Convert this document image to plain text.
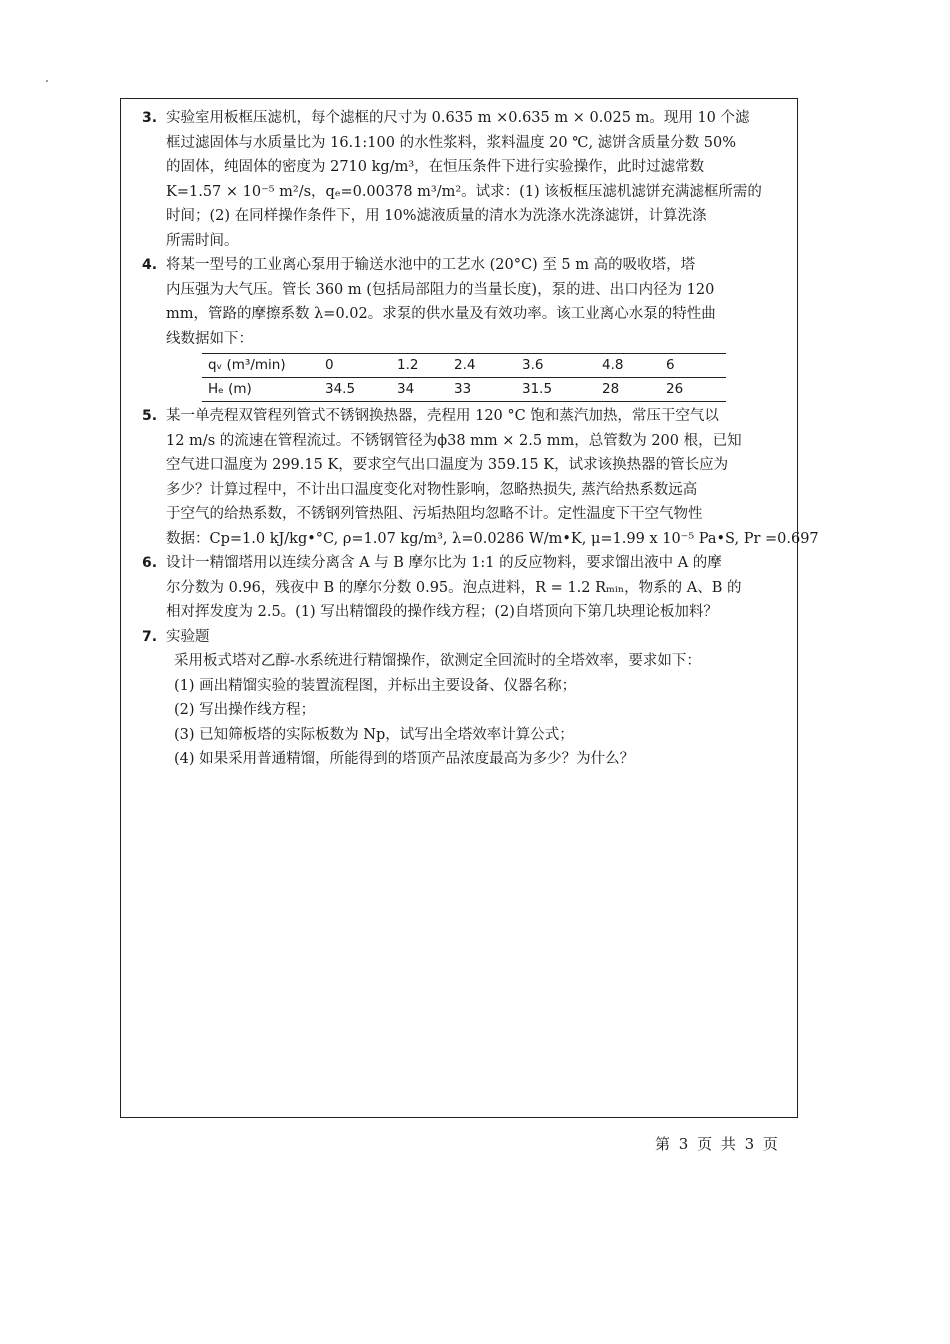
3. 实验室用板框压滤机，每个滤框的尺寸为 0.635 m ×0.635 m × 0.025 m。现用 10 个滤
框过滤固体与水质量比为 16.1:100 的水性浆料，浆料温度 20 ℃, 滤饼含质量分数 50%
的固体，纯固体的密度为 2710 kg/m³，在恒压条件下进行实验操作，此时过滤常数
K=1.57 × 10⁻⁵ m²/s，qₑ=0.00378 m³/m²。试求：(1) 该板框压滤机滤饼充满滤框所需的
时间；(2) 在同样操作条件下，用 10%滤液质量的清水为洗涤水洗涤滤饼，计算洗涤
所需时间。
4. 将某一型号的工业离心泵用于输送水池中的工艺水 (20°C) 至 5 m 高的吸收塔，塔
内压强为大气压。管长 360 m (包括局部阻力的当量长度)，泵的进、出口内径为 120
mm，管路的摩擦系数 λ=0.02。求泵的供水量及有效功率。该工业离心水泵的特性曲
线数据如下：
qᵥ (m³/min)	0	1.2	2.4	3.6	4.8	6
Hₑ (m)	34.5	34	33	31.5	28	26
5. 某一单壳程双管程列管式不锈钢换热器，壳程用 120 °C 饱和蒸汽加热，常压干空气以
12 m/s 的流速在管程流过。不锈钢管径为ϕ38 mm × 2.5 mm，总管数为 200 根，已知
空气进口温度为 299.15 K，要求空气出口温度为 359.15 K，试求该换热器的管长应为
多少？计算过程中，不计出口温度变化对物性影响，忽略热损失, 蒸汽给热系数远高
于空气的给热系数，不锈钢列管热阻、污垢热阻均忽略不计。定性温度下干空气物性
数据：Cp=1.0 kJ/kg•°C, ρ=1.07 kg/m³, λ=0.0286 W/m•K, μ=1.99 x 10⁻⁵ Pa•S, Pr =0.697
6. 设计一精馏塔用以连续分离含 A 与 B 摩尔比为 1:1 的反应物料，要求馏出液中 A 的摩
尔分数为 0.96，残夜中 B 的摩尔分数 0.95。泡点进料，R = 1.2 Rₘᵢₙ，物系的 A、B 的
相对挥发度为 2.5。(1) 写出精馏段的操作线方程；(2)自塔顶向下第几块理论板加料？
7. 实验题
采用板式塔对乙醇-水系统进行精馏操作，欲测定全回流时的全塔效率，要求如下：
(1) 画出精馏实验的装置流程图，并标出主要设备、仪器名称；
(2) 写出操作线方程；
(3) 已知筛板塔的实际板数为 Np，试写出全塔效率计算公式；
(4) 如果采用普通精馏，所能得到的塔顶产品浓度最高为多少？为什么？
第 3 页 共 3 页
